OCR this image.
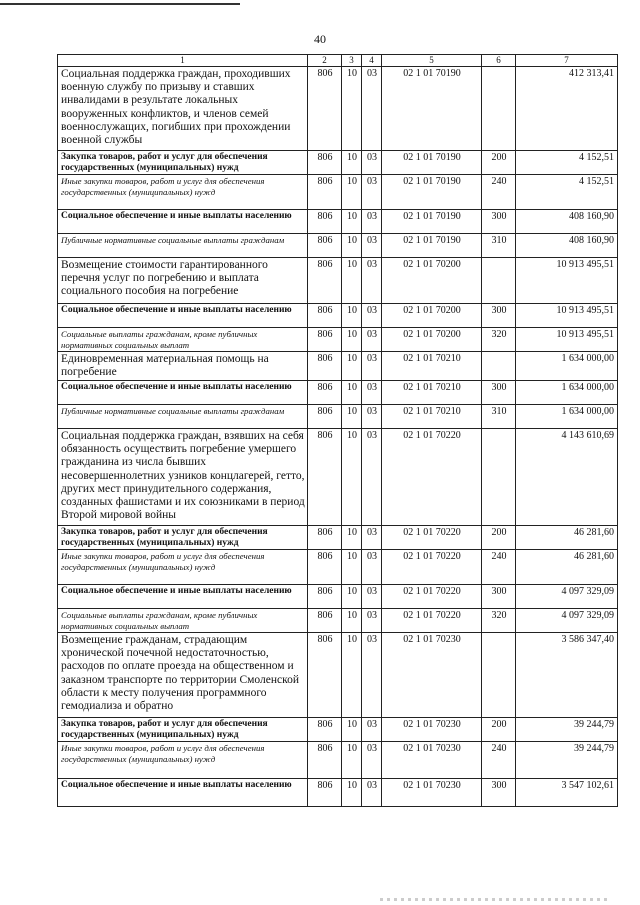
40
1	2	3	4	5	6	7
Социальная поддержка граждан, проходивших военную службу по призыву и ставших инвалидами в результате локальных вооруженных конфликтов, и членов семей военнослужащих, погибших при прохождении военной службы	806	10	03	02 1 01 70190		412 313,41
Закупка товаров, работ и услуг для обеспечения государственных (муниципальных) нужд	806	10	03	02 1 01 70190	200	4 152,51
Иные закупки товаров, работ и услуг для обеспечения государственных (муниципальных) нужд	806	10	03	02 1 01 70190	240	4 152,51
Социальное обеспечение и иные выплаты населению	806	10	03	02 1 01 70190	300	408 160,90
Публичные нормативные социальные выплаты гражданам	806	10	03	02 1 01 70190	310	408 160,90
Возмещение стоимости гарантированного перечня услуг по погребению и выплата социального пособия на погребение	806	10	03	02 1 01 70200		10 913 495,51
Социальное обеспечение и иные выплаты населению	806	10	03	02 1 01 70200	300	10 913 495,51
Социальные выплаты гражданам, кроме публичных нормативных социальных выплат	806	10	03	02 1 01 70200	320	10 913 495,51
Единовременная материальная помощь на погребение	806	10	03	02 1 01 70210		1 634 000,00
Социальное обеспечение и иные выплаты населению	806	10	03	02 1 01 70210	300	1 634 000,00
Публичные нормативные социальные выплаты гражданам	806	10	03	02 1 01 70210	310	1 634 000,00
Социальная поддержка граждан, взявших на себя обязанность осуществить погребение умершего гражданина из числа бывших несовершеннолетних узников концлагерей, гетто, других мест принудительного содержания, созданных фашистами и их союзниками в период Второй мировой войны	806	10	03	02 1 01 70220		4 143 610,69
Закупка товаров, работ и услуг для обеспечения государственных (муниципальных) нужд	806	10	03	02 1 01 70220	200	46 281,60
Иные закупки товаров, работ и услуг для обеспечения государственных (муниципальных) нужд	806	10	03	02 1 01 70220	240	46 281,60
Социальное обеспечение и иные выплаты населению	806	10	03	02 1 01 70220	300	4 097 329,09
Социальные выплаты гражданам, кроме публичных нормативных социальных выплат	806	10	03	02 1 01 70220	320	4 097 329,09
Возмещение гражданам, страдающим хронической почечной недостаточностью, расходов по оплате проезда на общественном и заказном транспорте по территории Смоленской области к месту получения программного гемодиализа и обратно	806	10	03	02 1 01 70230		3 586 347,40
Закупка товаров, работ и услуг для обеспечения государственных (муниципальных) нужд	806	10	03	02 1 01 70230	200	39 244,79
Иные закупки товаров, работ и услуг для обеспечения государственных (муниципальных) нужд	806	10	03	02 1 01 70230	240	39 244,79
Социальное обеспечение и иные выплаты населению	806	10	03	02 1 01 70230	300	3 547 102,61
